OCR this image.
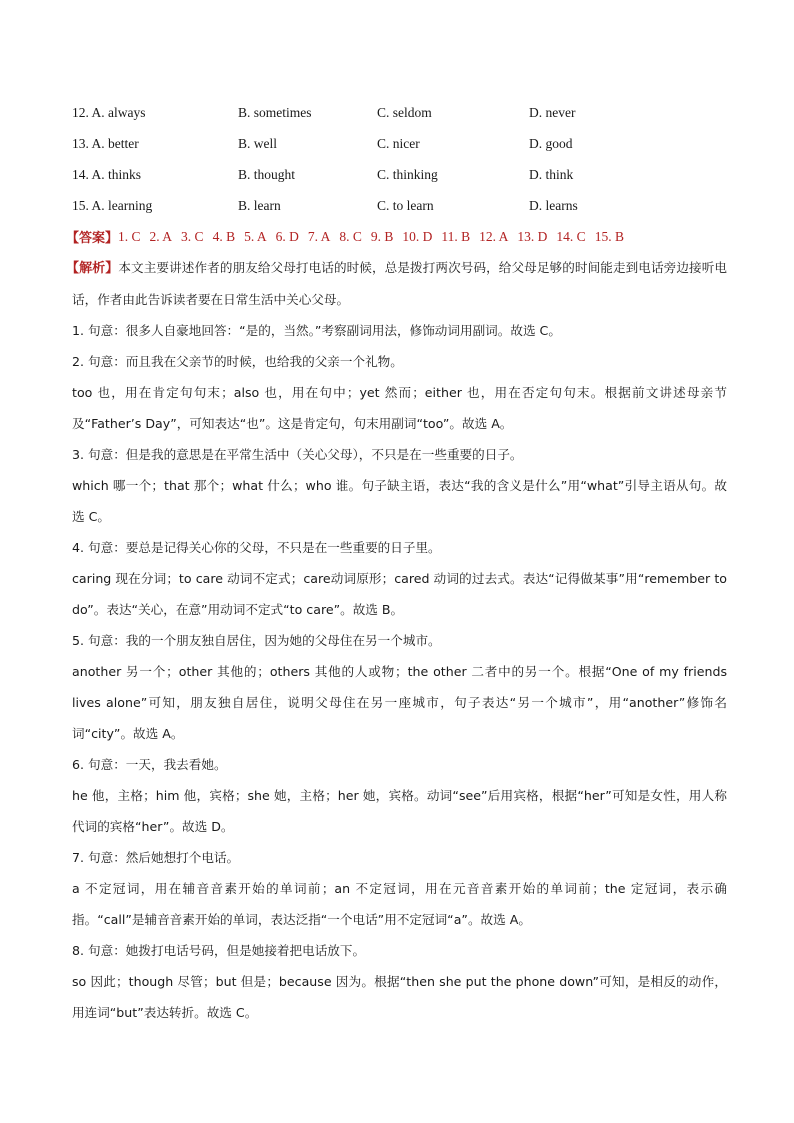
12. A. always	B. sometimes	C. seldom	D. never
13. A. better	B. well	C. nicer	D. good
14. A. thinks	B. thought	C. thinking	D. think
15. A. learning	B. learn	C. to learn	D. learns
【答案】 1. C 2. A 3. C 4. B 5. A 6. D 7. A 8. C 9. B 10. D 11. B 12. A 13. D 14. C 15. B

【解析】本文主要讲述作者的朋友给父母打电话的时候，总是拨打两次号码，给父母足够的时间能走到电话旁边接听电话，作者由此告诉读者要在日常生活中关心父母。

1. 句意：很多人自豪地回答：“是的，当然。”考察副词用法，修饰动词用副词。故选 C。

2. 句意：而且我在父亲节的时候，也给我的父亲一个礼物。

too 也，用在肯定句句末；also 也，用在句中；yet 然而；either 也，用在否定句句末。根据前文讲述母亲节及“Father’s Day”，可知表达“也”。这是肯定句，句末用副词“too”。故选 A。

3. 句意：但是我的意思是在平常生活中（关心父母），不只是在一些重要的日子。

which 哪一个；that 那个；what 什么；who 谁。句子缺主语，表达“我的含义是什么”用“what”引导主语从句。故选 C。

4. 句意：要总是记得关心你的父母，不只是在一些重要的日子里。

caring 现在分词；to care 动词不定式；care动词原形；cared 动词的过去式。表达“记得做某事”用“remember to do”。表达“关心，在意”用动词不定式“to care”。故选 B。

5. 句意：我的一个朋友独自居住，因为她的父母住在另一个城市。

another 另一个；other 其他的；others 其他的人或物；the other 二者中的另一个。根据“One of my friends lives alone”可知，朋友独自居住，说明父母住在另一座城市，句子表达“另一个城市”，用“another”修饰名词“city”。故选 A。

6. 句意：一天，我去看她。

he 他，主格；him 他，宾格；she 她，主格；her 她，宾格。动词“see”后用宾格，根据“her”可知是女性，用人称代词的宾格“her”。故选 D。

7. 句意：然后她想打个电话。

a 不定冠词，用在辅音音素开始的单词前；an 不定冠词，用在元音音素开始的单词前；the 定冠词，表示确指。“call”是辅音音素开始的单词，表达泛指“一个电话”用不定冠词“a”。故选 A。

8. 句意：她拨打电话号码，但是她接着把电话放下。

so 因此；though 尽管；but 但是；because 因为。根据“then she put the phone down”可知，是相反的动作，用连词“but”表达转折。故选 C。
